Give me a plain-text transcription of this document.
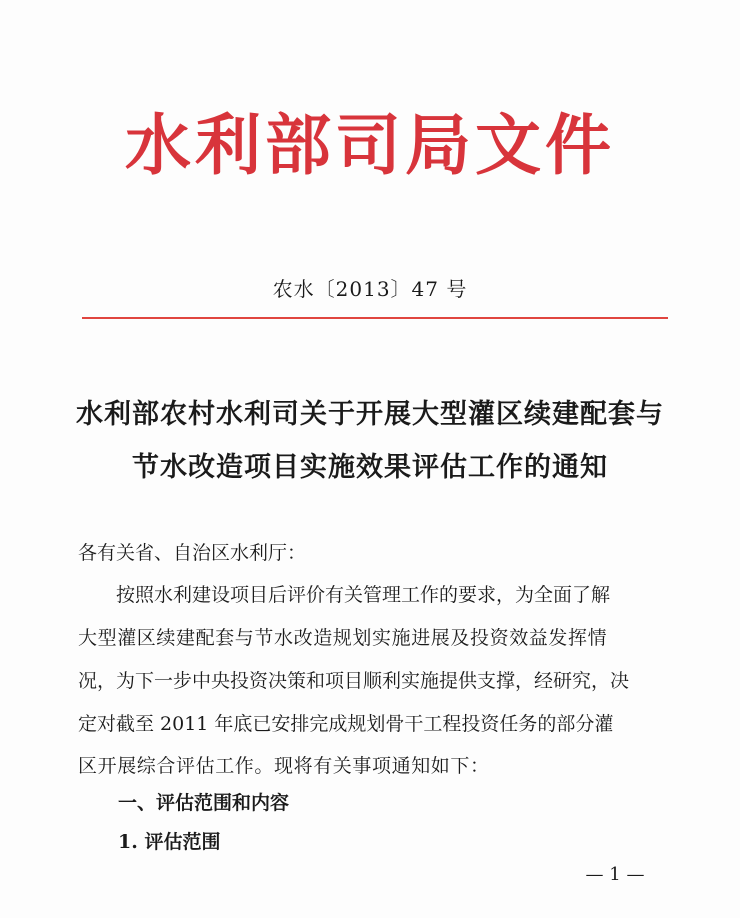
水利部司局文件
农水〔2013〕47 号
水利部农村水利司关于开展大型灌区续建配套与
节水改造项目实施效果评估工作的通知
各有关省、自治区水利厅：
按照水利建设项目后评价有关管理工作的要求，为全面了解
大型灌区续建配套与节水改造规划实施进展及投资效益发挥情
况，为下一步中央投资决策和项目顺利实施提供支撑，经研究，决
定对截至 2011 年底已安排完成规划骨干工程投资任务的部分灌
区开展综合评估工作。现将有关事项通知如下：
一、评估范围和内容
1. 评估范围
— 1 —
